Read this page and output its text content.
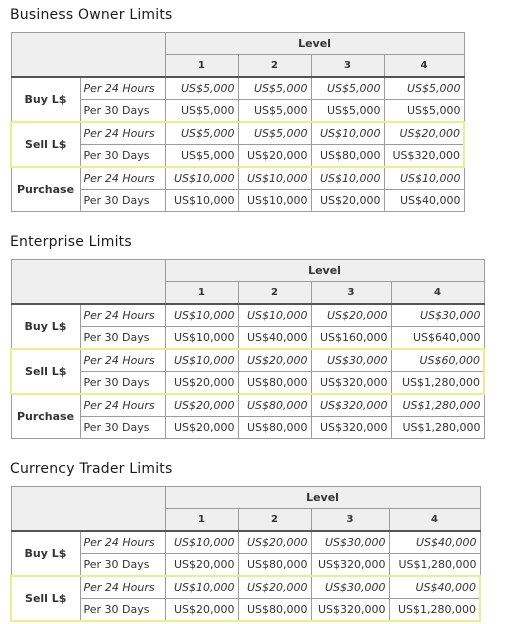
Business Owner Limits
		Level			
		1	2	3	4
Buy L$	Per 24 Hours	US$5,000	US$5,000	US$5,000	US$5,000
	Per 30 Days	US$5,000	US$5,000	US$5,000	US$5,000
Sell L$	Per 24 Hours	US$5,000	US$5,000	US$10,000	US$20,000
	Per 30 Days	US$5,000	US$20,000	US$80,000	US$320,000
Purchase	Per 24 Hours	US$10,000	US$10,000	US$10,000	US$10,000
	Per 30 Days	US$10,000	US$10,000	US$20,000	US$40,000
Enterprise Limits
		Level			
		1	2	3	4
Buy L$	Per 24 Hours	US$10,000	US$10,000	US$20,000	US$30,000
	Per 30 Days	US$10,000	US$40,000	US$160,000	US$640,000
Sell L$	Per 24 Hours	US$10,000	US$20,000	US$30,000	US$60,000
	Per 30 Days	US$20,000	US$80,000	US$320,000	US$1,280,000
Purchase	Per 24 Hours	US$20,000	US$80,000	US$320,000	US$1,280,000
	Per 30 Days	US$20,000	US$80,000	US$320,000	US$1,280,000
Currency Trader Limits
		Level			
		1	2	3	4
Buy L$	Per 24 Hours	US$10,000	US$20,000	US$30,000	US$40,000
	Per 30 Days	US$20,000	US$80,000	US$320,000	US$1,280,000
Sell L$	Per 24 Hours	US$10,000	US$20,000	US$30,000	US$40,000
	Per 30 Days	US$20,000	US$80,000	US$320,000	US$1,280,000
